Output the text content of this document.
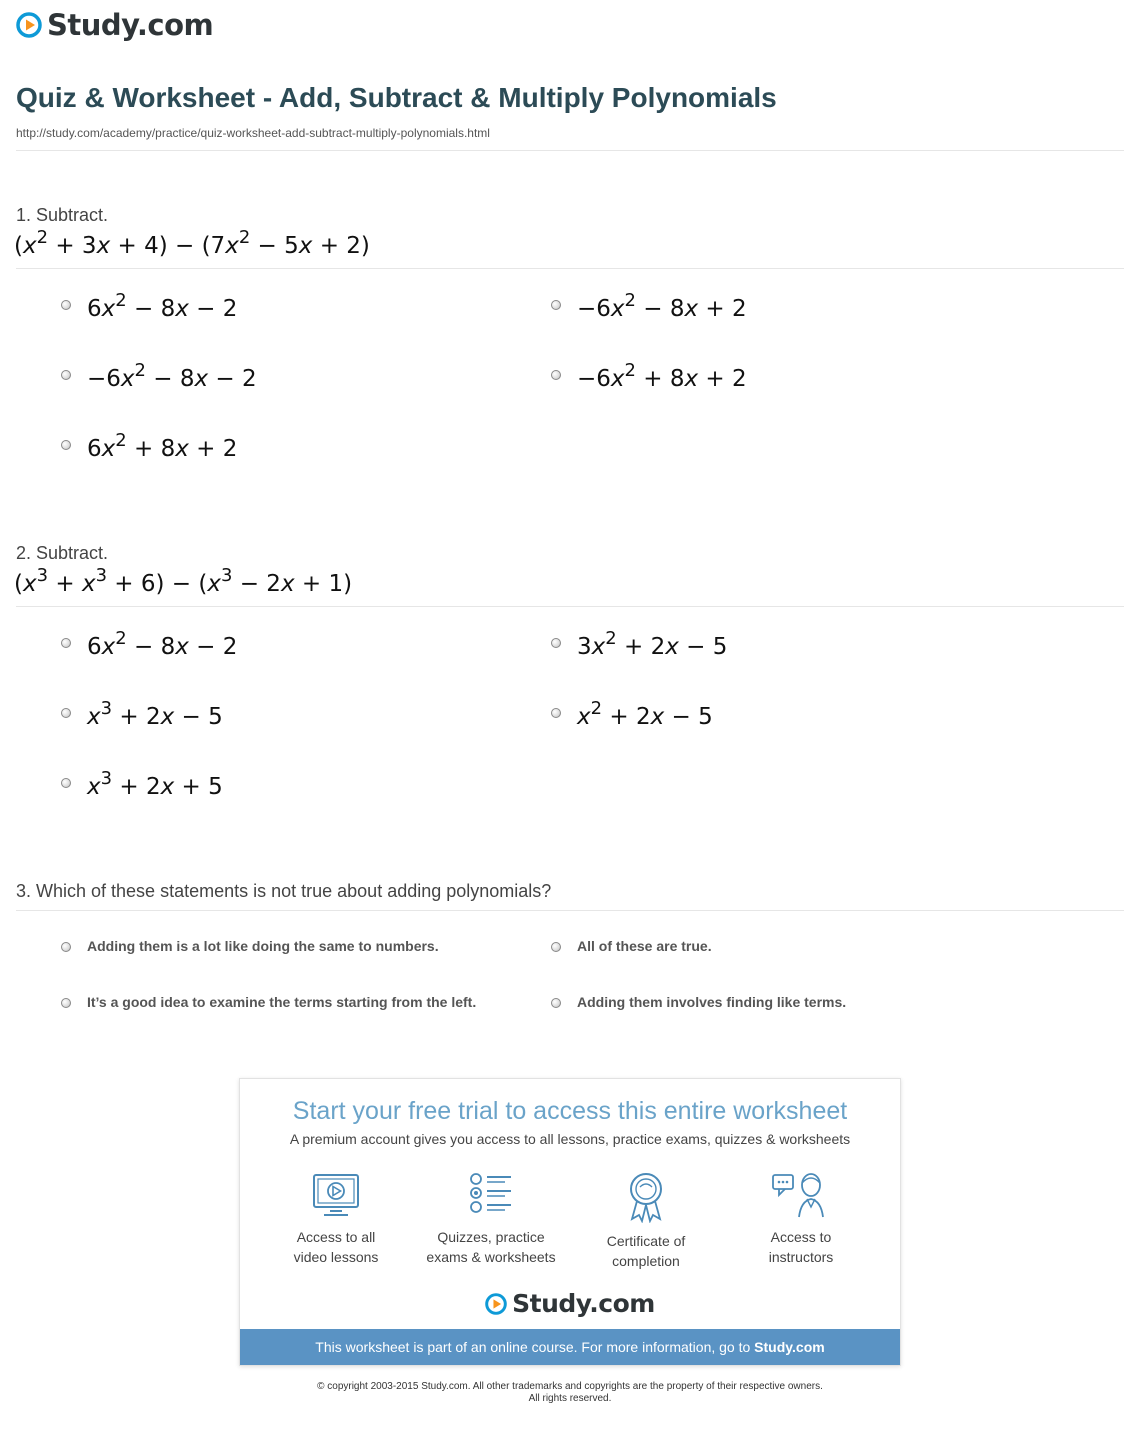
Study.com
Quiz & Worksheet - Add, Subtract & Multiply Polynomials
http://study.com/academy/practice/quiz-worksheet-add-subtract-multiply-polynomials.html
1. Subtract.
$(x^2 + 3x + 4) - (7x^2 - 5x + 2)$
$6x^2 - 8x - 2$	$-6x^2 - 8x + 2$
$-6x^2 - 8x - 2$	$-6x^2 + 8x + 2$
$6x^2 + 8x + 2$
2. Subtract.
$(x^3 + x^3 + 6) - (x^3 - 2x + 1)$
$6x^2 - 8x - 2$	$3x^2 + 2x - 5$
$x^3 + 2x - 5$	$x^2 + 2x - 5$
$x^3 + 2x + 5$
3. Which of these statements is not true about adding polynomials?
Adding them is a lot like doing the same to numbers.	All of these are true.
It’s a good idea to examine the terms starting from the left.	Adding them involves finding like terms.
Start your free trial to access this entire worksheet
A premium account gives you access to all lessons, practice exams, quizzes & worksheets
Access to all
video lessons
Quizzes, practice
exams & worksheets
Certificate of
completion
Access to
instructors
Study.com
This worksheet is part of an online course. For more information, go to Study.com
© copyright 2003-2015 Study.com. All other trademarks and copyrights are the property of their respective owners.
All rights reserved.
